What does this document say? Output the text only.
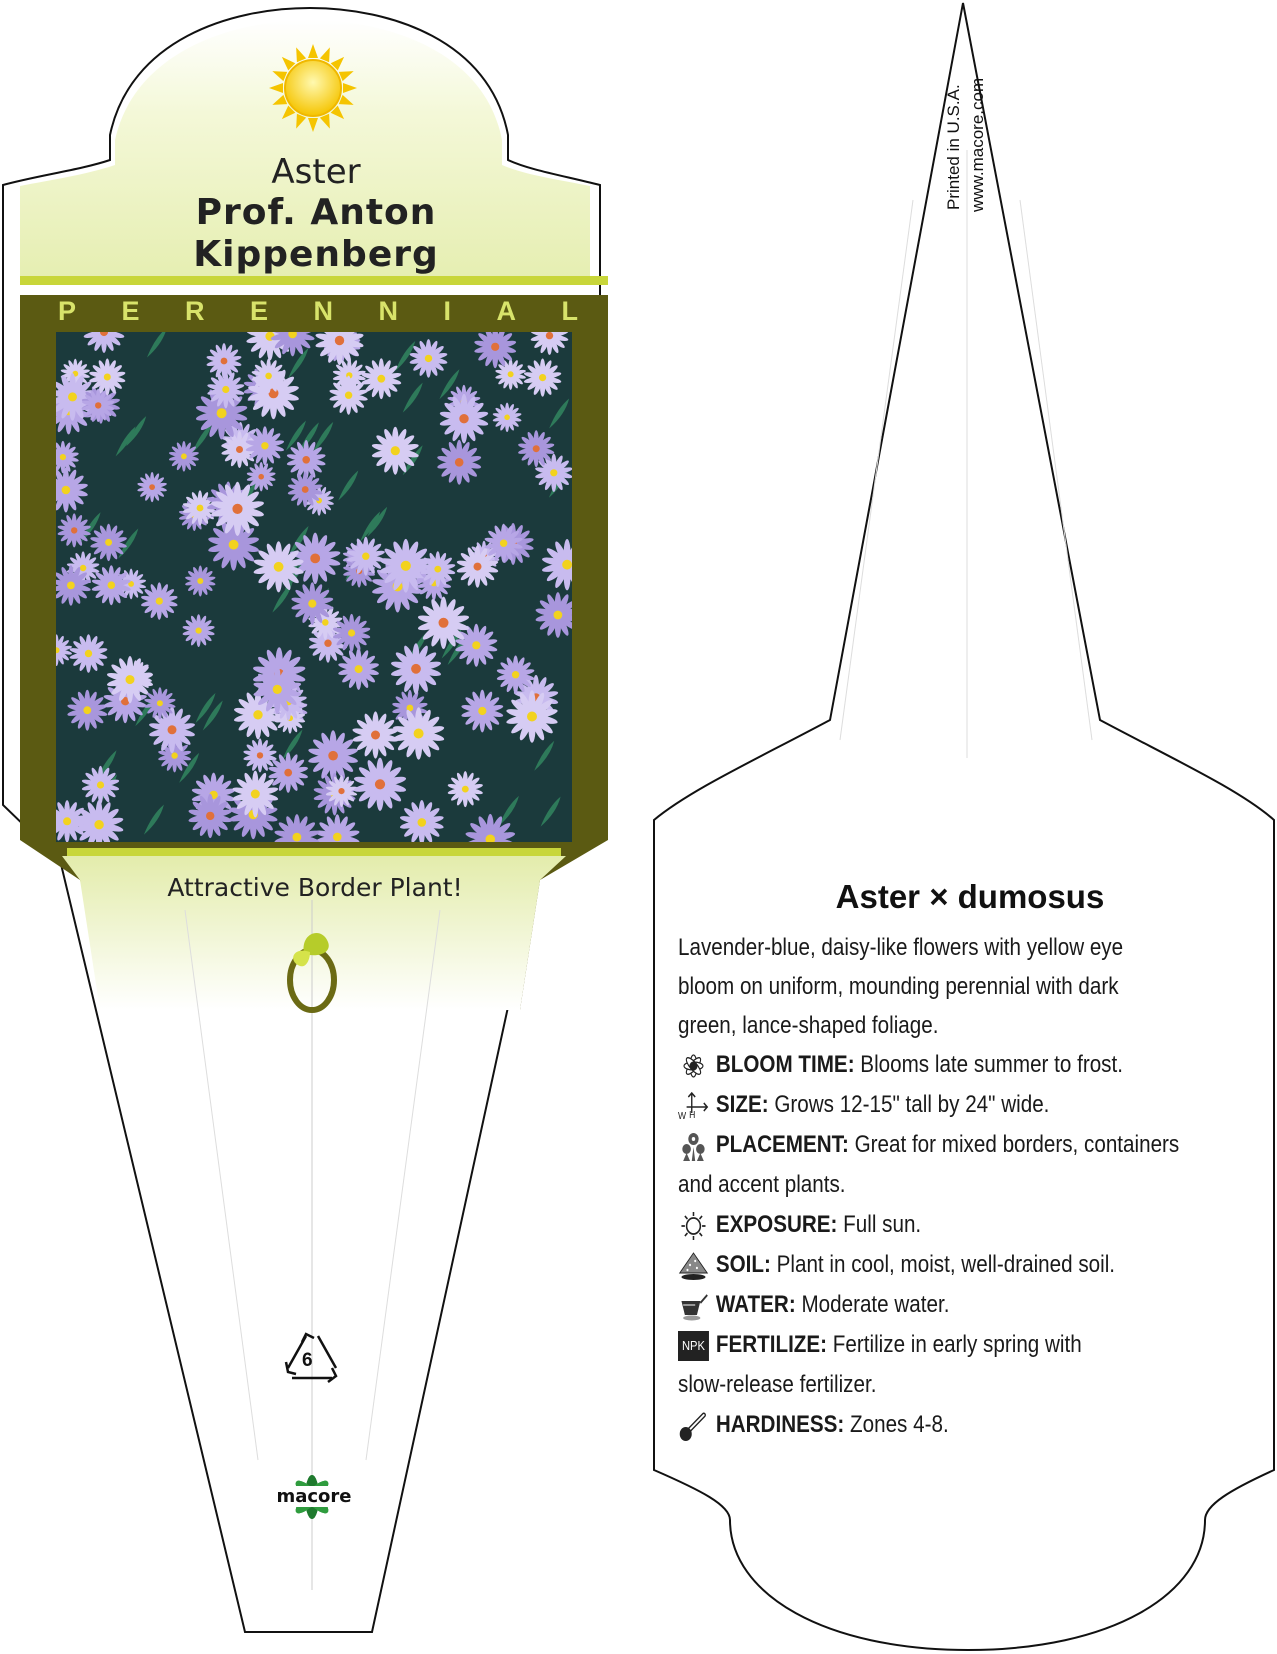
Aster
Prof. Anton
Kippenberg
P E R E N N I A L
Attractive Border Plant!
6
macore
Printed in U.S.A. www.macore.com
Aster × dumosus
Lavender-blue, daisy-like flowers with yellow eye
bloom on uniform, mounding perennial with dark
green, lance-shaped foliage.
BLOOM TIME: Blooms late summer to frost.
W H SIZE: Grows 12-15" tall by 24" wide.
PLACEMENT: Great for mixed borders, containers
and accent plants.
EXPOSURE: Full sun.
SOIL: Plant in cool, moist, well-drained soil.
WATER: Moderate water.
NPK FERTILIZE: Fertilize in early spring with
slow-release fertilizer.
HARDINESS: Zones 4-8.
